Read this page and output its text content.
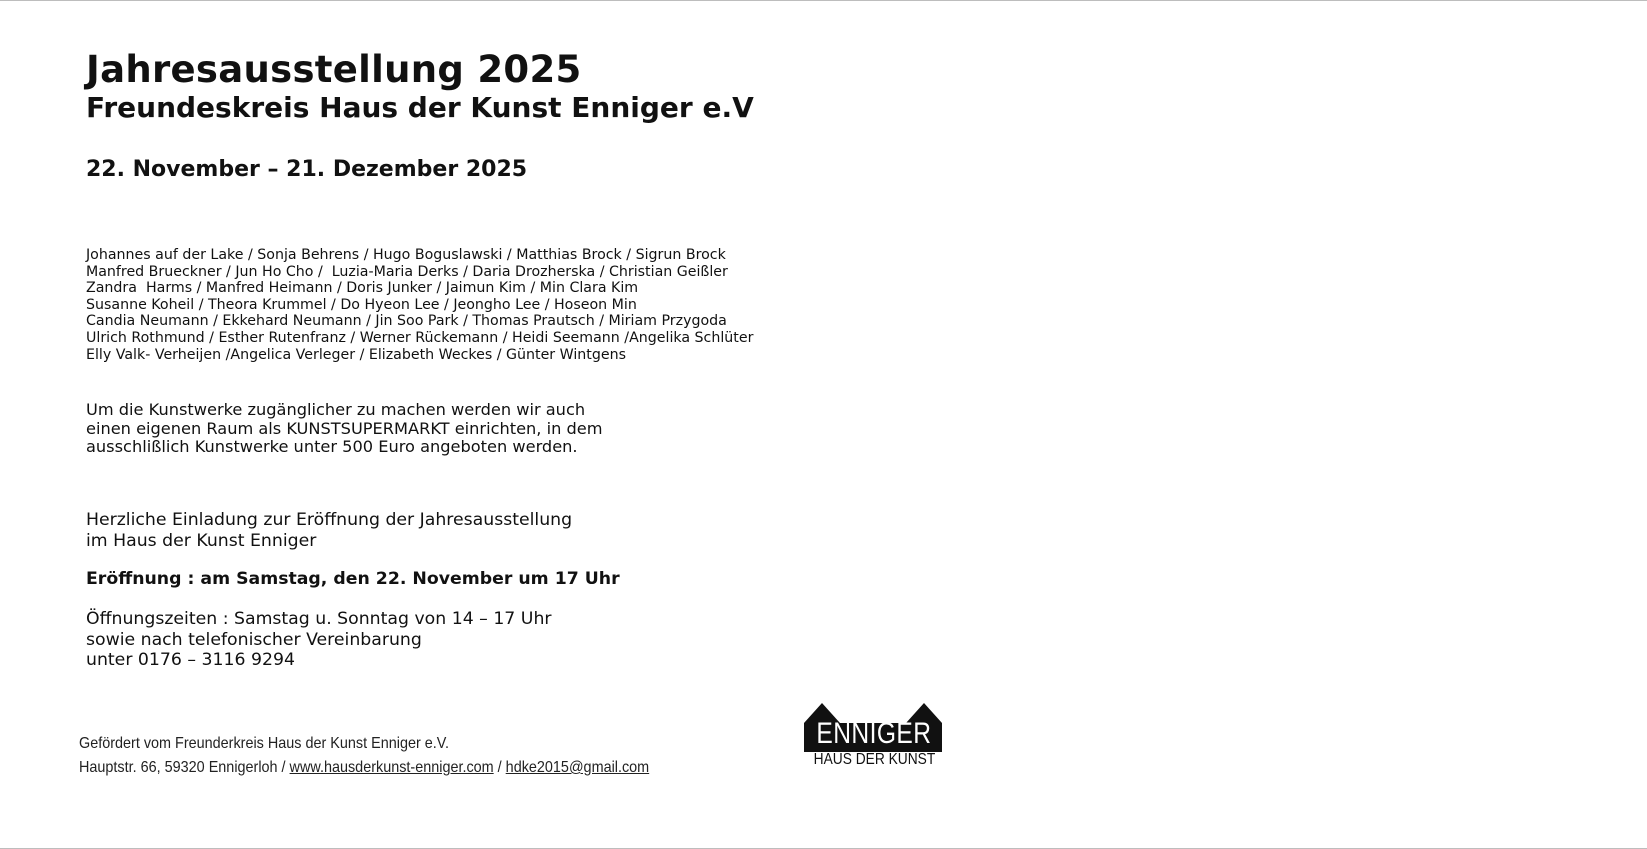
Jahresausstellung 2025
Freundeskreis Haus der Kunst Enniger e.V
22. November – 21. Dezember 2025
Johannes auf der Lake / Sonja Behrens / Hugo Boguslawski / Matthias Brock / Sigrun Brock
Manfred Brueckner / Jun Ho Cho /  Luzia-Maria Derks / Daria Drozherska / Christian Geißler
Zandra  Harms / Manfred Heimann / Doris Junker / Jaimun Kim / Min Clara Kim
Susanne Koheil / Theora Krummel / Do Hyeon Lee / Jeongho Lee / Hoseon Min
Candia Neumann / Ekkehard Neumann / Jin Soo Park / Thomas Prautsch / Miriam Przygoda
Ulrich Rothmund / Esther Rutenfranz / Werner Rückemann / Heidi Seemann /Angelika Schlüter
Elly Valk- Verheijen /Angelica Verleger / Elizabeth Weckes / Günter Wintgens
Um die Kunstwerke zugänglicher zu machen werden wir auch
einen eigenen Raum als KUNSTSUPERMARKT einrichten, in dem
ausschlißlich Kunstwerke unter 500 Euro angeboten werden.
Herzliche Einladung zur Eröffnung der Jahresausstellung
im Haus der Kunst Enniger
Eröffnung : am Samstag, den 22. November um 17 Uhr
Öffnungszeiten : Samstag u. Sonntag von 14 – 17 Uhr
sowie nach telefonischer Vereinbarung
unter 0176 – 3116 9294
Gefördert vom Freunderkreis Haus der Kunst Enniger e.V.
Hauptstr. 66, 59320 Ennigerloh / www.hausderkunst-enniger.com / hdke2015@gmail.com
ENNIGER
HAUS DER KUNST
